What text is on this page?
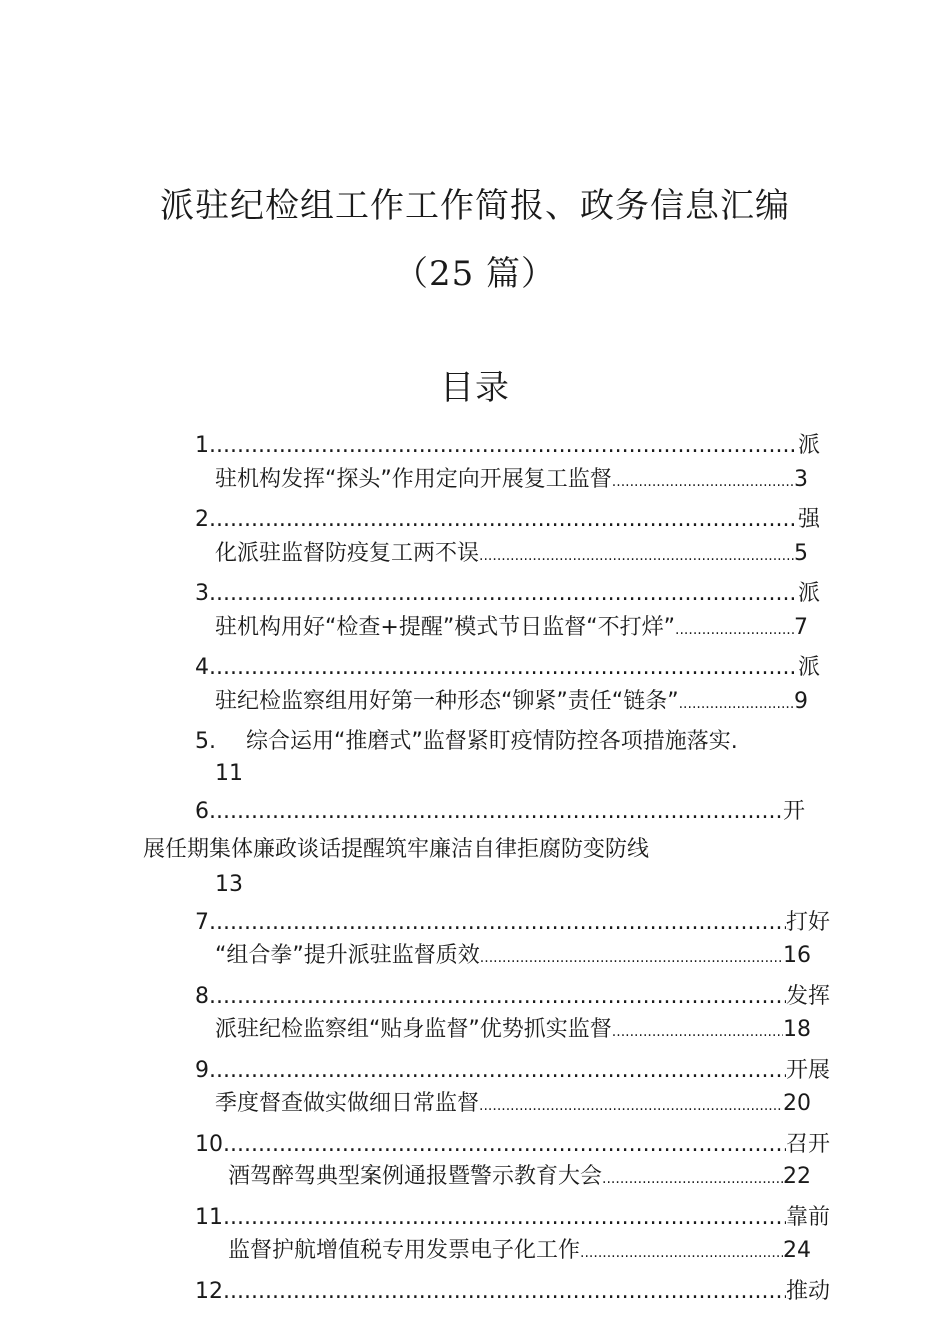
派驻纪检组工作工作简报、政务信息汇编
（25 篇）
目录
1 .....	派
驻机构发挥“探头”作用定向开展复工监督 .....	3
2 .....	强
化派驻监督防疫复工两不误 .....	5
3 .....	派
驻机构用好“检查+提醒”模式节日监督“不打烊” .....	7
4 .....	派
驻纪检监察组用好第一种形态“铆紧”责任“链条” .....	9
5. 综合运用“推磨式”监督紧盯疫情防控各项措施落实.
11
6 .....	开
展任期集体廉政谈话提醒筑牢廉洁自律拒腐防变防线
13
7 .....	打好
“组合拳”提升派驻监督质效 .....	16
8 .....	发挥
派驻纪检监察组“贴身监督”优势抓实监督 .....	18
9 .....	开展
季度督查做实做细日常监督 .....	20
10 .....	召开
酒驾醉驾典型案例通报暨警示教育大会 .....	22
11 .....	靠前
监督护航增值税专用发票电子化工作 .....	24
12 .....	推动
